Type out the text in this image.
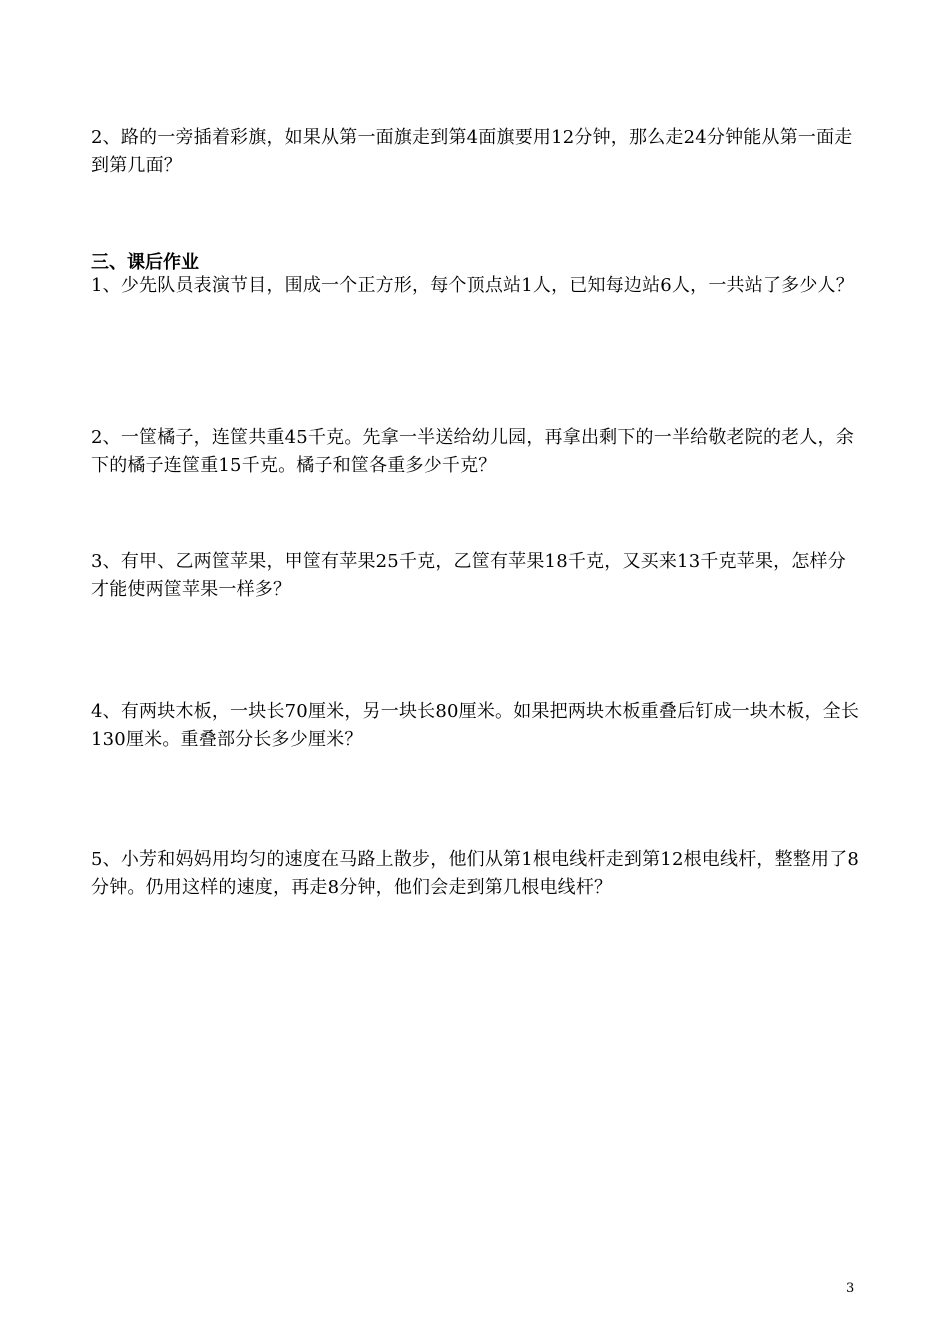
2、路的一旁插着彩旗，如果从第一面旗走到第4面旗要用12分钟，那么走24分钟能从第一面走到第几面？

三、课后作业

1、少先队员表演节目，围成一个正方形，每个顶点站1人，已知每边站6人，一共站了多少人？

2、一筐橘子，连筐共重45千克。先拿一半送给幼儿园，再拿出剩下的一半给敬老院的老人，余下的橘子连筐重15千克。橘子和筐各重多少千克？

3、有甲、乙两筐苹果，甲筐有苹果25千克，乙筐有苹果18千克，又买来13千克苹果，怎样分才能使两筐苹果一样多？

4、有两块木板，一块长70厘米，另一块长80厘米。如果把两块木板重叠后钉成一块木板，全长130厘米。重叠部分长多少厘米？

5、小芳和妈妈用均匀的速度在马路上散步，他们从第1根电线杆走到第12根电线杆，整整用了8分钟。仍用这样的速度，再走8分钟，他们会走到第几根电线杆？

3
